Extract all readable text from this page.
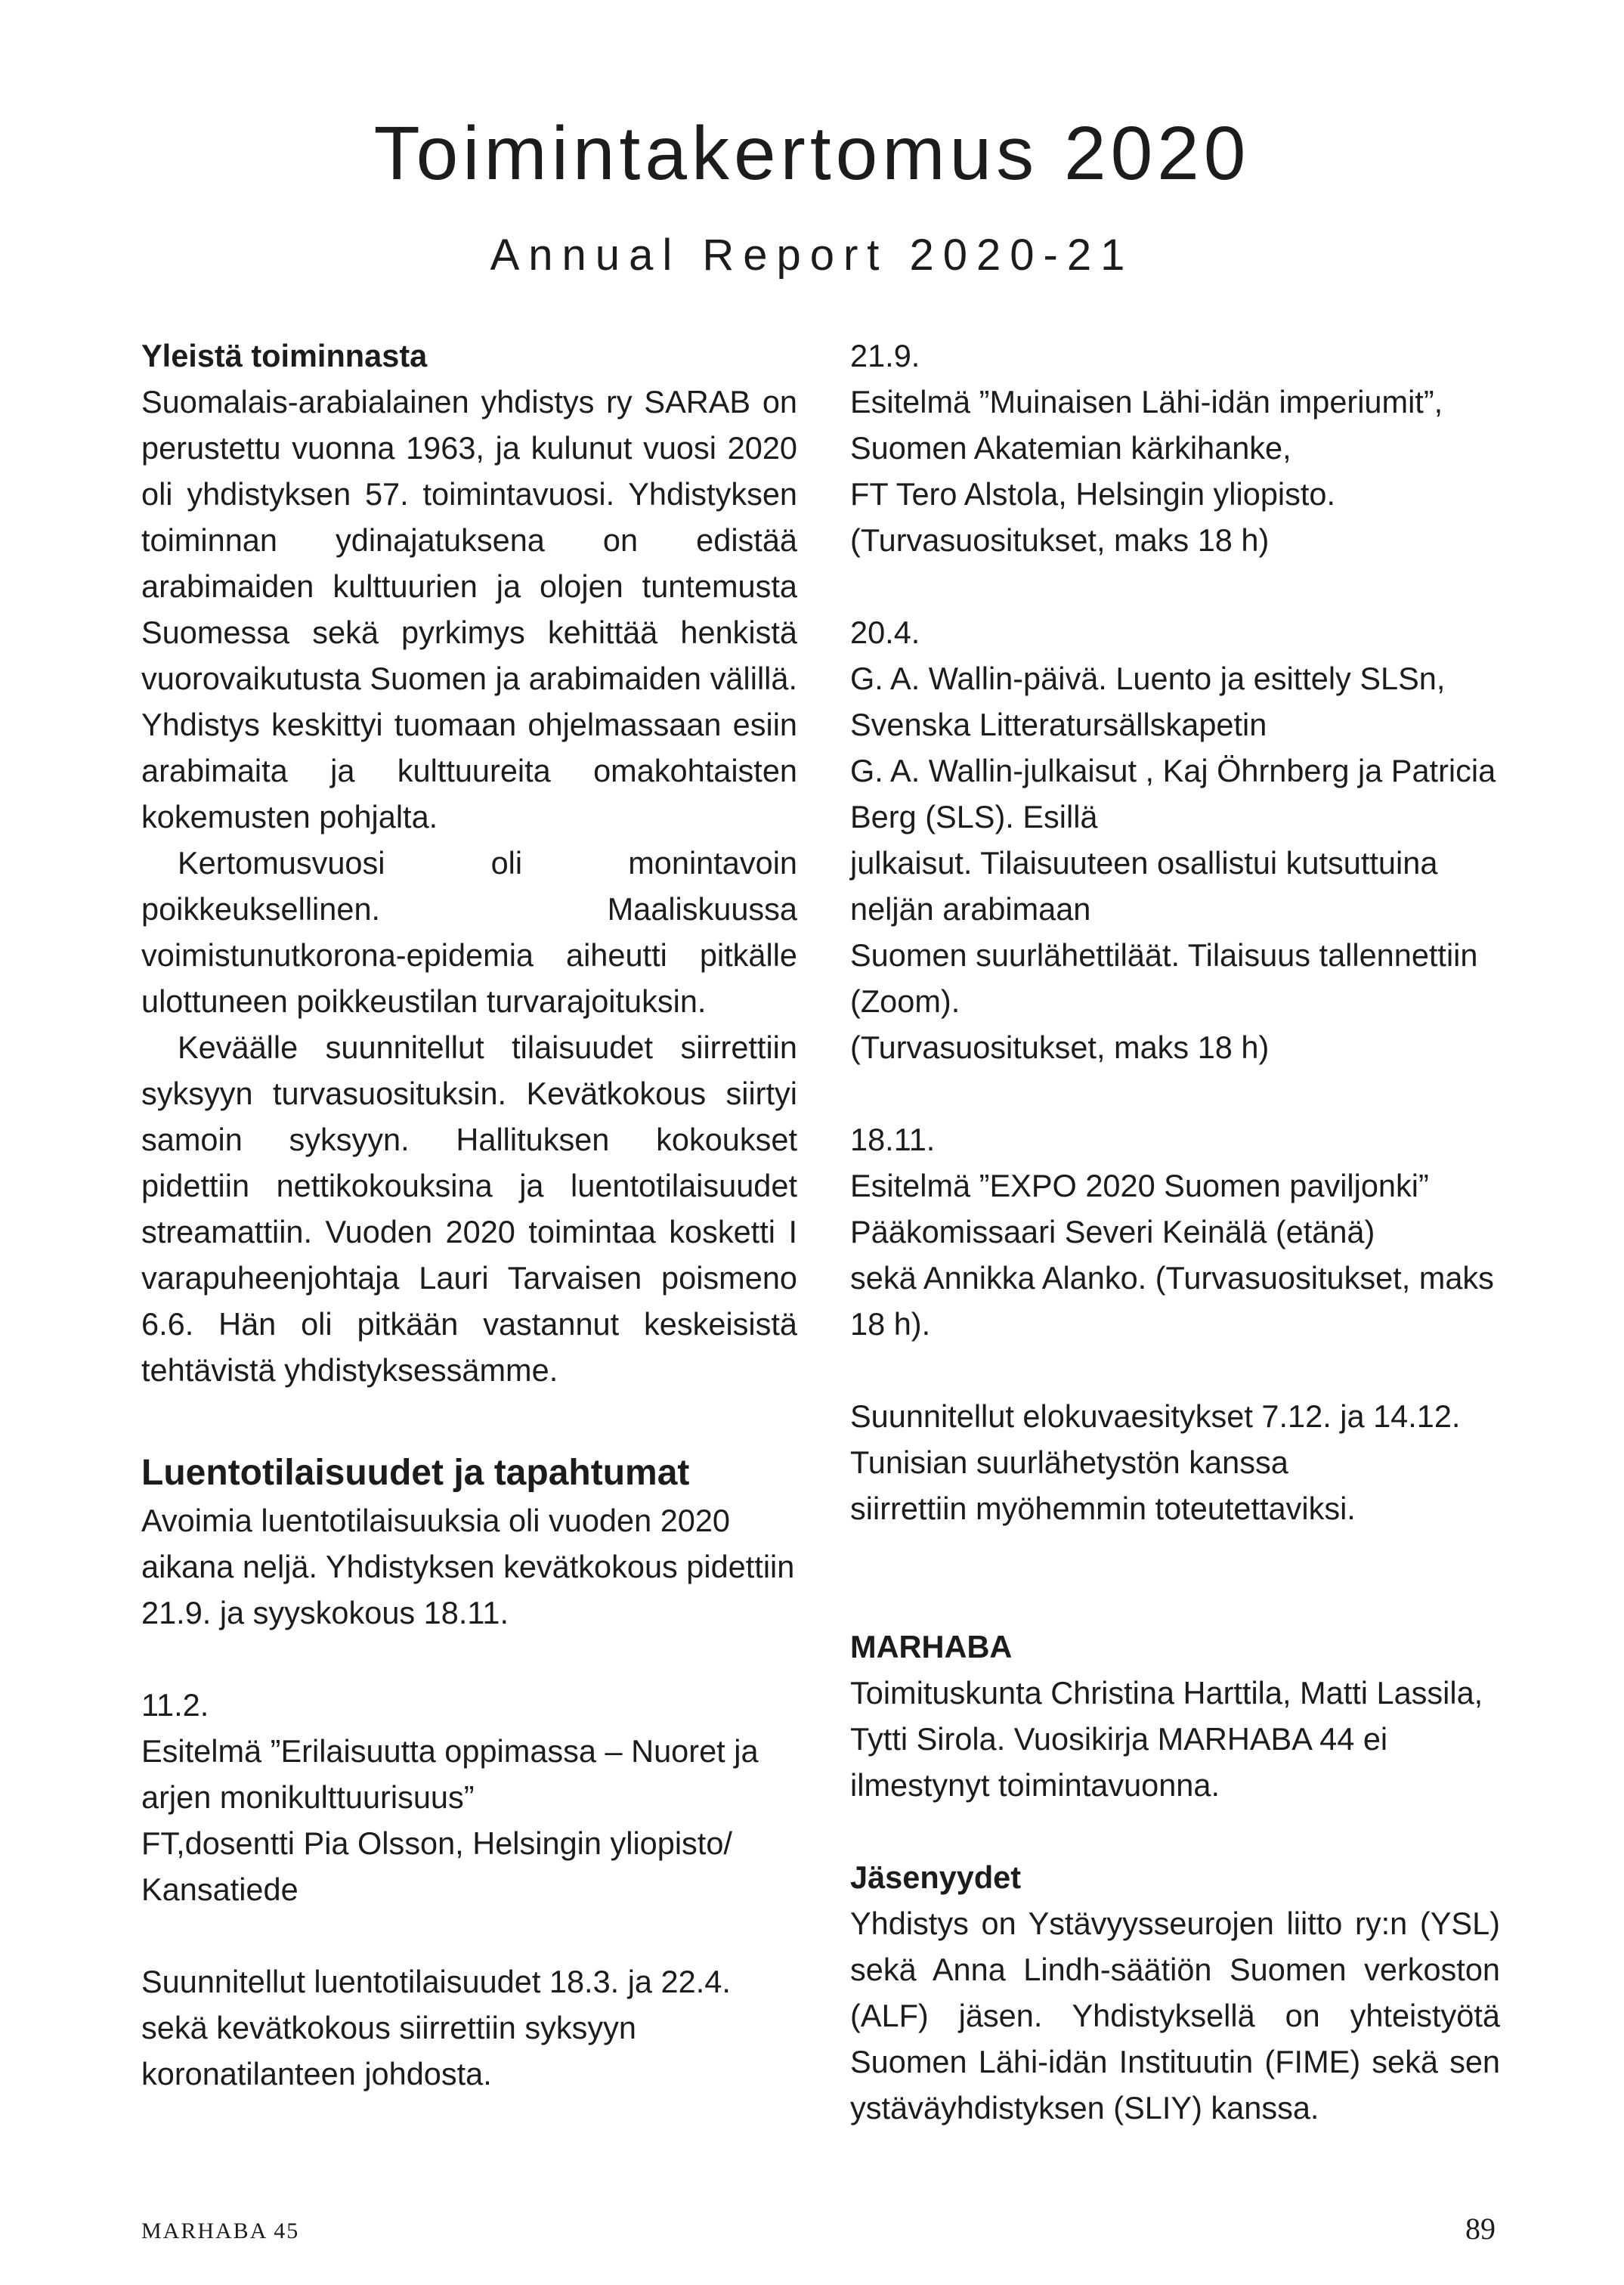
Toimintakertomus 2020
Annual Report 2020-21
Yleistä toiminnasta

Suomalais-arabialainen yhdistys ry SARAB on perustettu vuonna 1963, ja kulunut vuosi 2020 oli yhdistyksen 57. toimintavuosi. Yhdistyksen toiminnan ydinajatuksena on edistää arabimaiden kulttuurien ja olojen tuntemusta Suomessa sekä pyrkimys kehittää henkistä vuorovaikutusta Suomen ja arabimaiden välillä. Yhdistys keskittyi tuomaan ohjelmassaan esiin arabimaita ja kulttuureita omakohtaisten kokemusten pohjalta.

Kertomusvuosi oli monintavoin poikkeuksellinen. Maaliskuussa voimistunutkorona-epidemia aiheutti pitkälle ulottuneen poikkeustilan turvarajoituksin.

Keväälle suunnitellut tilaisuudet siirrettiin syksyyn turvasuosituksin. Kevätkokous siirtyi samoin syksyyn. Hallituksen kokoukset pidettiin nettikokouksina ja luentotilaisuudet streamattiin. Vuoden 2020 toimintaa kosketti I varapuheenjohtaja Lauri Tarvaisen poismeno 6.6. Hän oli pitkään vastannut keskeisistä tehtävistä yhdistyksessämme.

Luentotilaisuudet ja tapahtumat

Avoimia luentotilaisuuksia oli vuoden 2020 aikana neljä. Yhdistyksen kevätkokous pidettiin 21.9. ja syyskokous 18.11.

11.2.

Esitelmä ”Erilaisuutta oppimassa – Nuoret ja arjen monikulttuurisuus”

FT,dosentti Pia Olsson, Helsingin yliopisto/ Kansatiede

Suunnitellut luentotilaisuudet 18.3. ja 22.4. sekä kevätkokous siirrettiin syksyyn koronatilanteen johdosta.

21.9.

Esitelmä ”Muinaisen Lähi-idän imperiumit”, Suomen Akatemian kärkihanke,

FT Tero Alstola, Helsingin yliopisto. (Turvasuositukset, maks 18 h)

20.4.

G. A. Wallin-päivä. Luento ja esittely SLSn, Svenska Litteratursällskapetin

G. A. Wallin-julkaisut , Kaj Öhrnberg ja Patricia Berg (SLS). Esillä

julkaisut. Tilaisuuteen osallistui kutsuttuina neljän arabimaan

Suomen suurlähettiläät. Tilaisuus tallennettiin (Zoom).

(Turvasuositukset, maks 18 h)

18.11.

Esitelmä ”EXPO 2020 Suomen paviljonki”

Pääkomissaari Severi Keinälä (etänä)

sekä Annikka Alanko. (Turvasuositukset, maks 18 h).

Suunnitellut elokuvaesitykset 7.12. ja 14.12.

Tunisian suurlähetystön kanssa

siirrettiin myöhemmin toteutettaviksi.

MARHABA

Toimituskunta Christina Harttila, Matti Lassila, Tytti Sirola. Vuosikirja MARHABA 44 ei ilmestynyt toimintavuonna.

Jäsenyydet

Yhdistys on Ystävyysseurojen liitto ry:n (YSL) sekä Anna Lindh-säätiön Suomen verkoston (ALF) jäsen. Yhdistyksellä on yhteistyötä Suomen Lähi-idän Instituutin (FIME) sekä sen ystäväyhdistyksen (SLIY) kanssa.

MARHABA 45	89
